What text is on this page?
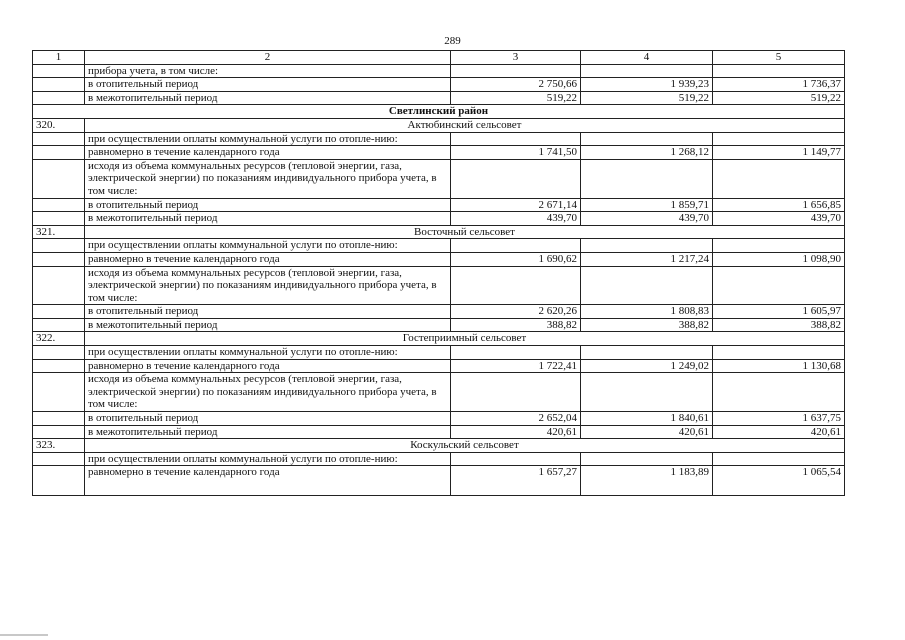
289
1	2	3	4	5
	прибора учета, в том числе:			
	в отопительный период	2 750,66	1 939,23	1 736,37
	в межотопительный период	519,22	519,22	519,22
Светлинский район				
320.	Актюбинский сельсовет			
	при осуществлении оплаты коммунальной услуги по отопле-нию:			
	равномерно в течение календарного года	1 741,50	1 268,12	1 149,77
	исходя из объема коммунальных ресурсов (тепловой энергии, газа, электрической энергии) по показаниям индивидуального прибора учета, в том числе:			
	в отопительный период	2 671,14	1 859,71	1 656,85
	в межотопительный период	439,70	439,70	439,70
321.	Восточный сельсовет			
	при осуществлении оплаты коммунальной услуги по отопле-нию:			
	равномерно в течение календарного года	1 690,62	1 217,24	1 098,90
	исходя из объема коммунальных ресурсов (тепловой энергии, газа, электрической энергии) по показаниям индивидуального прибора учета, в том числе:			
	в отопительный период	2 620,26	1 808,83	1 605,97
	в межотопительный период	388,82	388,82	388,82
322.	Гостеприимный сельсовет			
	при осуществлении оплаты коммунальной услуги по отопле-нию:			
	равномерно в течение календарного года	1 722,41	1 249,02	1 130,68
	исходя из объема коммунальных ресурсов (тепловой энергии, газа, электрической энергии) по показаниям индивидуального прибора учета, в том числе:			
	в отопительный период	2 652,04	1 840,61	1 637,75
	в межотопительный период	420,61	420,61	420,61
323.	Коскульский сельсовет			
	при осуществлении оплаты коммунальной услуги по отопле-нию:			
	равномерно в течение календарного года	1 657,27	1 183,89	1 065,54
